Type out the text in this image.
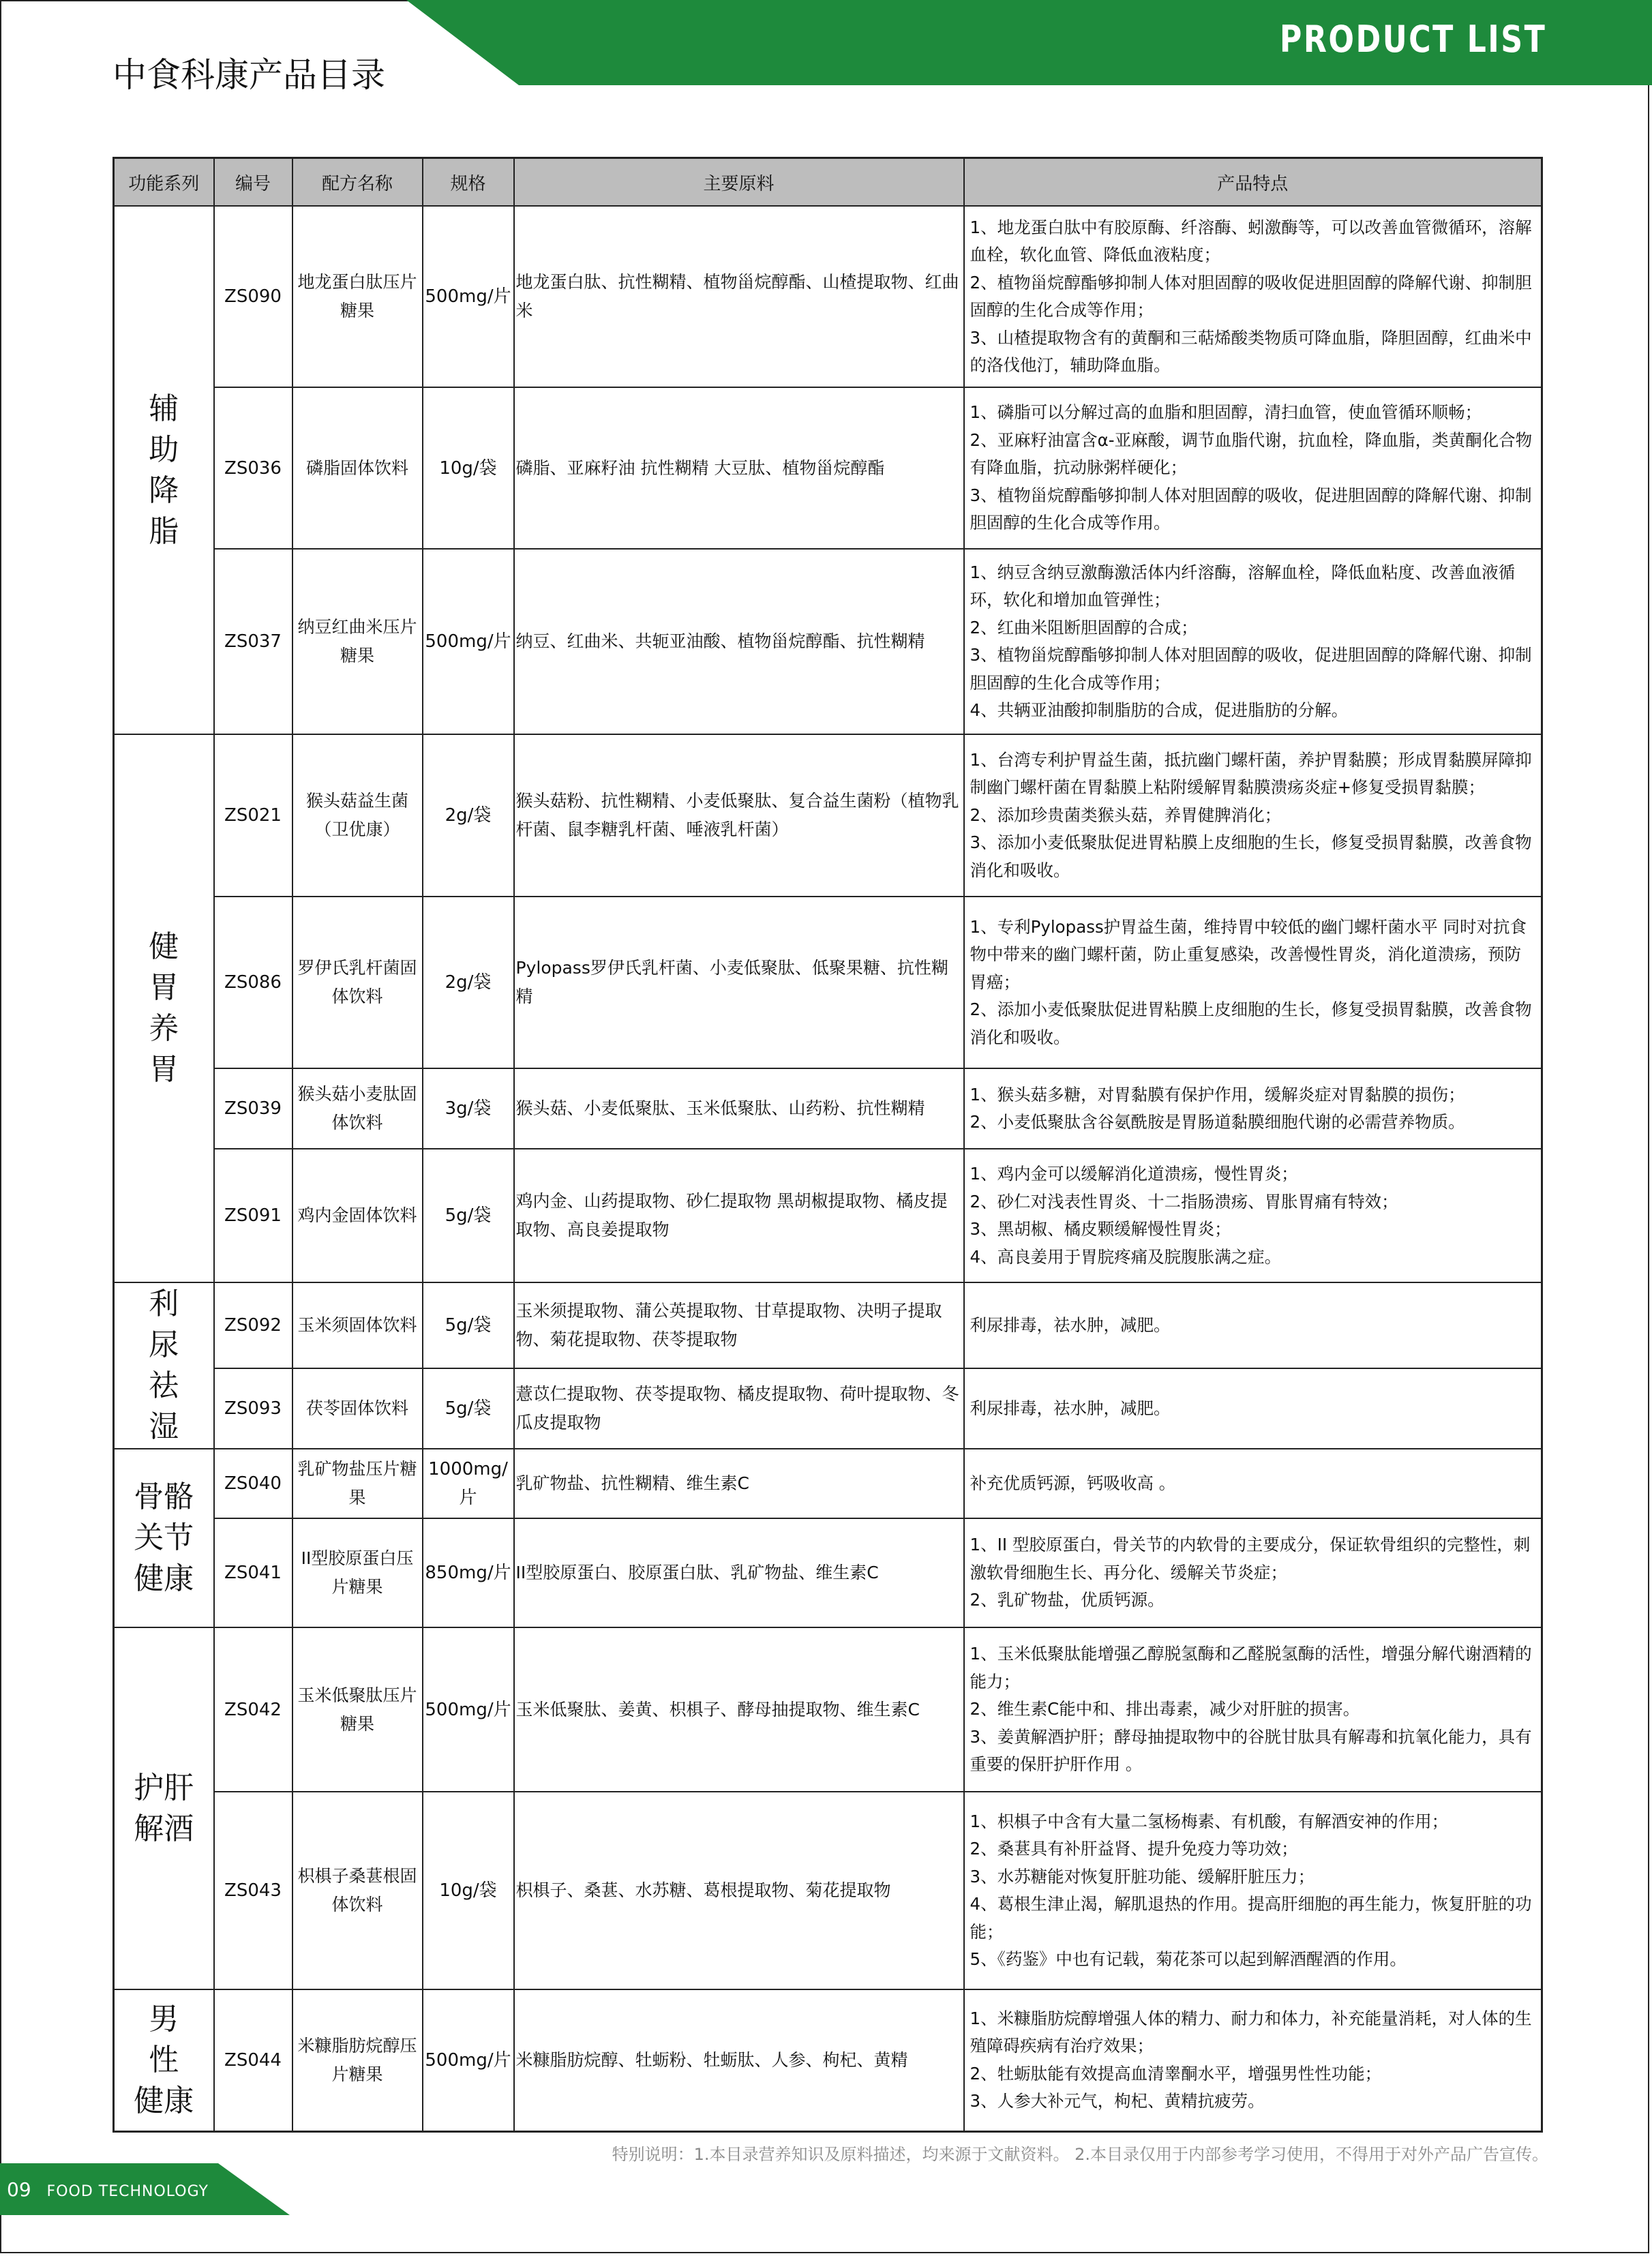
PRODUCT LIST
中食科康产品目录
功能系列	编号	配方名称	规格	主要原料	产品特点
辅
助
降
脂	ZS090	地龙蛋白肽压片糖果	500mg/片	地龙蛋白肽、抗性糊精、植物甾烷醇酯、山楂提取物、红曲米	1、地龙蛋白肽中有胶原酶、纤溶酶、蚓激酶等，可以改善血管微循环，溶解血栓，软化血管、降低血液粘度；
2、植物甾烷醇酯够抑制人体对胆固醇的吸收促进胆固醇的降解代谢、抑制胆固醇的生化合成等作用；
3、山楂提取物含有的黄酮和三萜烯酸类物质可降血脂，降胆固醇，红曲米中的洛伐他汀，辅助降血脂。

	ZS036	磷脂固体饮料	10g/袋	磷脂、亚麻籽油 抗性糊精 大豆肽、植物甾烷醇酯	1、磷脂可以分解过高的血脂和胆固醇，清扫血管，使血管循环顺畅；
2、亚麻籽油富含α-亚麻酸，调节血脂代谢，抗血栓，降血脂，类黄酮化合物有降血脂，抗动脉粥样硬化；
3、植物甾烷醇酯够抑制人体对胆固醇的吸收，促进胆固醇的降解代谢、抑制胆固醇的生化合成等作用。

	ZS037	纳豆红曲米压片糖果	500mg/片	纳豆、红曲米、共轭亚油酸、植物甾烷醇酯、抗性糊精	1、纳豆含纳豆激酶激活体内纤溶酶，溶解血栓，降低血粘度、改善血液循环，软化和增加血管弹性；
2、红曲米阻断胆固醇的合成；
3、植物甾烷醇酯够抑制人体对胆固醇的吸收，促进胆固醇的降解代谢、抑制胆固醇的生化合成等作用；
4、共辆亚油酸抑制脂肪的合成，促进脂肪的分解。

健
胃
养
胃	ZS021	猴头菇益生菌（卫优康）	2g/袋	猴头菇粉、抗性糊精、小麦低聚肽、复合益生菌粉（植物乳杆菌、鼠李糖乳杆菌、唾液乳杆菌）	1、台湾专利护胃益生菌，抵抗幽门螺杆菌，养护胃黏膜；形成胃黏膜屏障抑制幽门螺杆菌在胃黏膜上粘附缓解胃黏膜溃疡炎症+修复受损胃黏膜；
2、添加珍贵菌类猴头菇，养胃健脾消化；
3、添加小麦低聚肽促进胃粘膜上皮细胞的生长，修复受损胃黏膜，改善食物消化和吸收。

	ZS086	罗伊氏乳杆菌固体饮料	2g/袋	Pylopass罗伊氏乳杆菌、小麦低聚肽、低聚果糖、抗性糊精	1、专利Pylopass护胃益生菌，维持胃中较低的幽门螺杆菌水平 同时对抗食物中带来的幽门螺杆菌，防止重复感染，改善慢性胃炎，消化道溃疡，预防胃癌；
2、添加小麦低聚肽促进胃粘膜上皮细胞的生长，修复受损胃黏膜，改善食物消化和吸收。

	ZS039	猴头菇小麦肽固体饮料	3g/袋	猴头菇、小麦低聚肽、玉米低聚肽、山药粉、抗性糊精	1、猴头菇多糖，对胃黏膜有保护作用，缓解炎症对胃黏膜的损伤；
2、小麦低聚肽含谷氨酰胺是胃肠道黏膜细胞代谢的必需营养物质。

	ZS091	鸡内金固体饮料	5g/袋	鸡内金、山药提取物、砂仁提取物 黑胡椒提取物、橘皮提取物、高良姜提取物	1、鸡内金可以缓解消化道溃疡，慢性胃炎；
2、砂仁对浅表性胃炎、十二指肠溃疡、胃胀胃痛有特效；
3、黑胡椒、橘皮颗缓解慢性胃炎；
4、高良姜用于胃脘疼痛及脘腹胀满之症。

利
尿
祛
湿	ZS092	玉米须固体饮料	5g/袋	玉米须提取物、蒲公英提取物、甘草提取物、决明子提取物、菊花提取物、茯苓提取物	利尿排毒，祛水肿，减肥。

	ZS093	茯苓固体饮料	5g/袋	薏苡仁提取物、茯苓提取物、橘皮提取物、荷叶提取物、冬瓜皮提取物	利尿排毒，祛水肿，减肥。

骨骼
关节
健康	ZS040	乳矿物盐压片糖果	1000mg/片	乳矿物盐、抗性糊精、维生素C	补充优质钙源，钙吸收高 。

	ZS041	II型胶原蛋白压片糖果	850mg/片	II型胶原蛋白、胶原蛋白肽、乳矿物盐、维生素C	1、II 型胶原蛋白，骨关节的内软骨的主要成分，保证软骨组织的完整性，刺激软骨细胞生长、再分化、缓解关节炎症；
2、乳矿物盐，优质钙源。

护肝
解酒	ZS042	玉米低聚肽压片糖果	500mg/片	玉米低聚肽、姜黄、枳椇子、酵母抽提取物、维生素C	1、玉米低聚肽能增强乙醇脱氢酶和乙醛脱氢酶的活性，增强分解代谢酒精的能力；
2、维生素C能中和、排出毒素，减少对肝脏的损害。
3、姜黄解酒护肝；酵母抽提取物中的谷胱甘肽具有解毒和抗氧化能力，具有重要的保肝护肝作用 。

	ZS043	枳椇子桑葚根固体饮料	10g/袋	枳椇子、桑葚、水苏糖、葛根提取物、菊花提取物	1、枳椇子中含有大量二氢杨梅素、有机酸，有解酒安神的作用；
2、桑葚具有补肝益肾、提升免疫力等功效；
3、水苏糖能对恢复肝脏功能、缓解肝脏压力；
4、葛根生津止渴，解肌退热的作用。提高肝细胞的再生能力，恢复肝脏的功能；
5、《药鉴》中也有记载，菊花茶可以起到解酒醒酒的作用。

男
性
健康	ZS044	米糠脂肪烷醇压片糖果	500mg/片	米糠脂肪烷醇、牡蛎粉、牡蛎肽、人参、枸杞、黄精	1、米糠脂肪烷醇增强人体的精力、耐力和体力，补充能量消耗，对人体的生殖障碍疾病有治疗效果；
2、牡蛎肽能有效提高血清睾酮水平，增强男性性功能；
3、人参大补元气，枸杞、黄精抗疲劳。
特别说明：1.本目录营养知识及原料描述，均来源于文献资料。 2.本目录仅用于内部参考学习使用，不得用于对外产品广告宣传。
09 FOOD TECHNOLOGY
